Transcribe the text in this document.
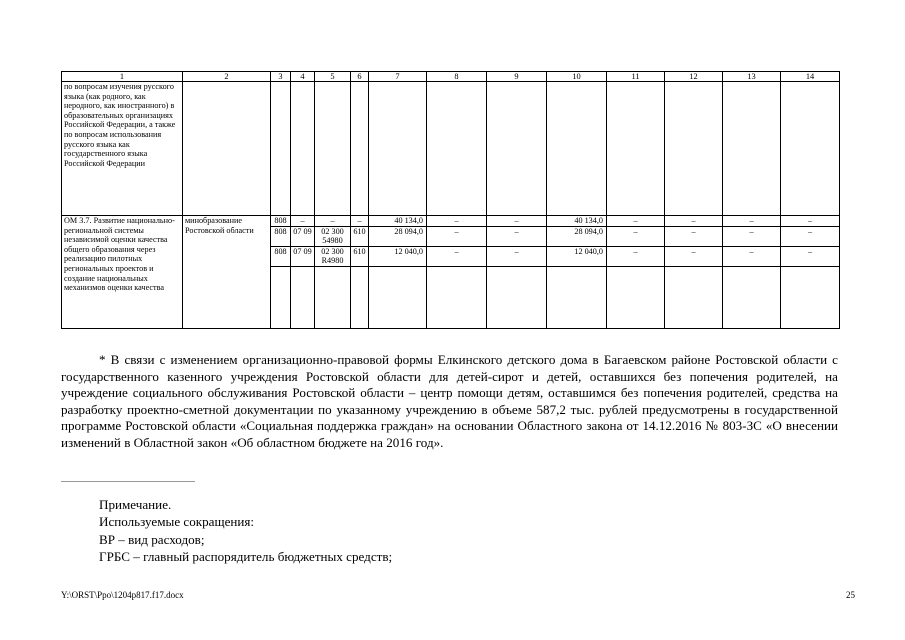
1	2	3	4	5	6	7	8	9	10	11	12	13	14
по вопросам изучения русского языка (как родного, как неродного, как иностранного) в образовательных организациях Российской Федерации, а также по вопросам использования русского языка как государственного языка Российской Федерации													
ОМ 3.7. Развитие национально-региональной системы независимой оценки качества общего образования через реализацию пилотных региональных проектов и создание национальных механизмов оценки качества	минобразование Ростовской области	808	–	–	–	40 134,0	–	–	40 134,0	–	–	–	–
		808	07 09	02 300 54980	610	28 094,0	–	–	28 094,0	–	–	–	–
		808	07 09	02 300 R4980	610	12 040,0	–	–	12 040,0	–	–	–	–

* В связи с изменением организационно-правовой формы Елкинского детского дома в Багаевском районе Ростовской области с государственного казенного учреждения Ростовской области для детей-сирот и детей, оставшихся без попечения родителей, на учреждение социального обслуживания Ростовской области – центр помощи детям, оставшимся без попечения родителей, средства на разработку проектно-сметной документации по указанному учреждению в объеме 587,2 тыс. рублей предусмотрены в государственной программе Ростовской области «Социальная поддержка граждан» на основании Областного закона от 14.12.2016 № 803-ЗС «О внесении изменений в Областной закон «Об областном бюджете на 2016 год».

Примечание.
Используемые сокращения:
ВР – вид расходов;
ГРБС – главный распорядитель бюджетных средств;
Y:\ORST\Ppo\1204p817.f17.docx	25
